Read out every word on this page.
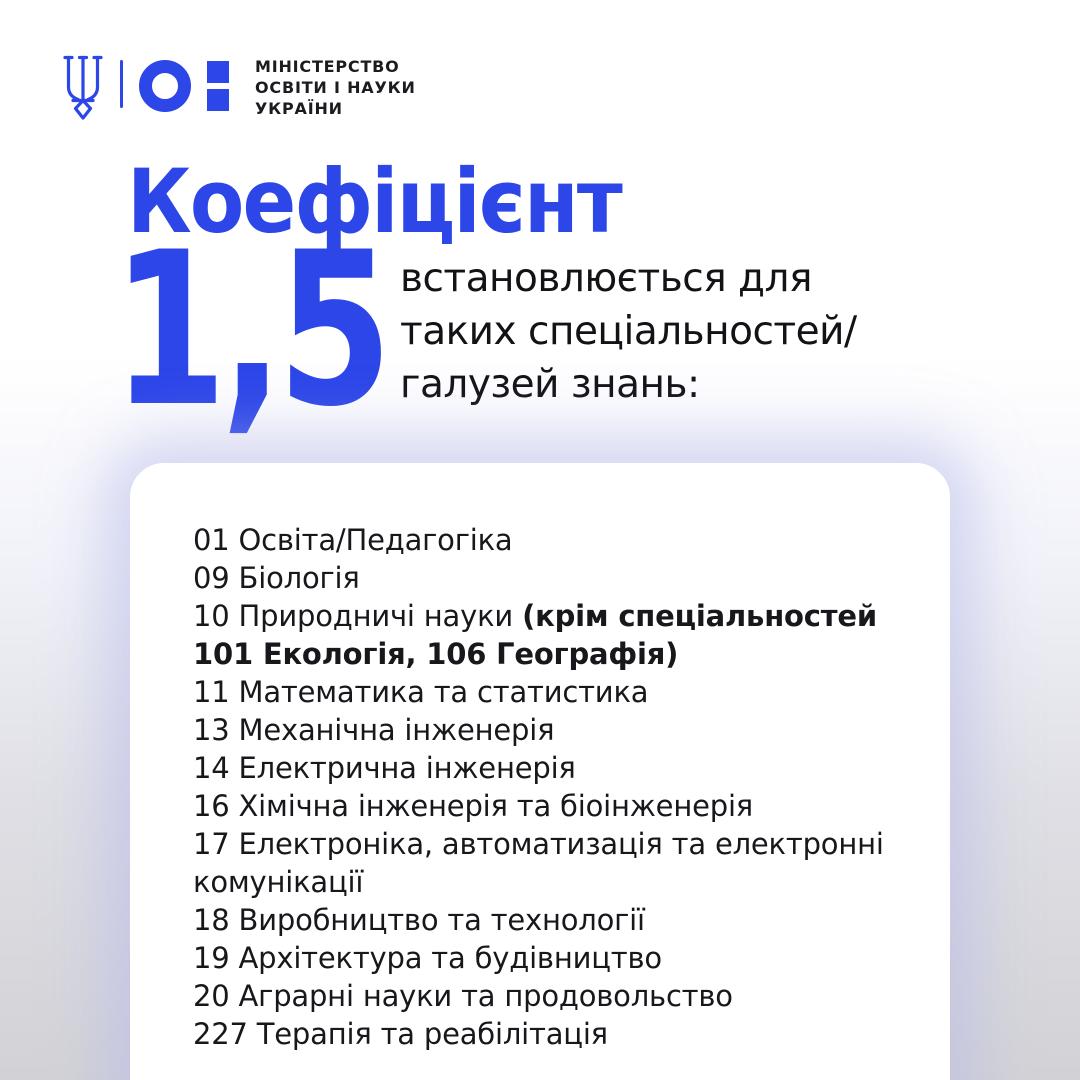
МІНІСТЕРСТВО
ОСВІТИ І НАУКИ
УКРАЇНИ
Коефіцієнт
1,5 встановлюється для
таких спеціальностей/
галузей знань:
01 Освіта/Педагогіка
09 Біологія
10 Природничі науки (крім спеціальностей 101 Екологія, 106 Географія)
11 Математика та статистика
13 Механічна інженерія
14 Електрична інженерія
16 Хімічна інженерія та біоінженерія
17 Електроніка, автоматизація та електронні комунікації
18 Виробництво та технології
19 Архітектура та будівництво
20 Аграрні науки та продовольство
227 Терапія та реабілітація
